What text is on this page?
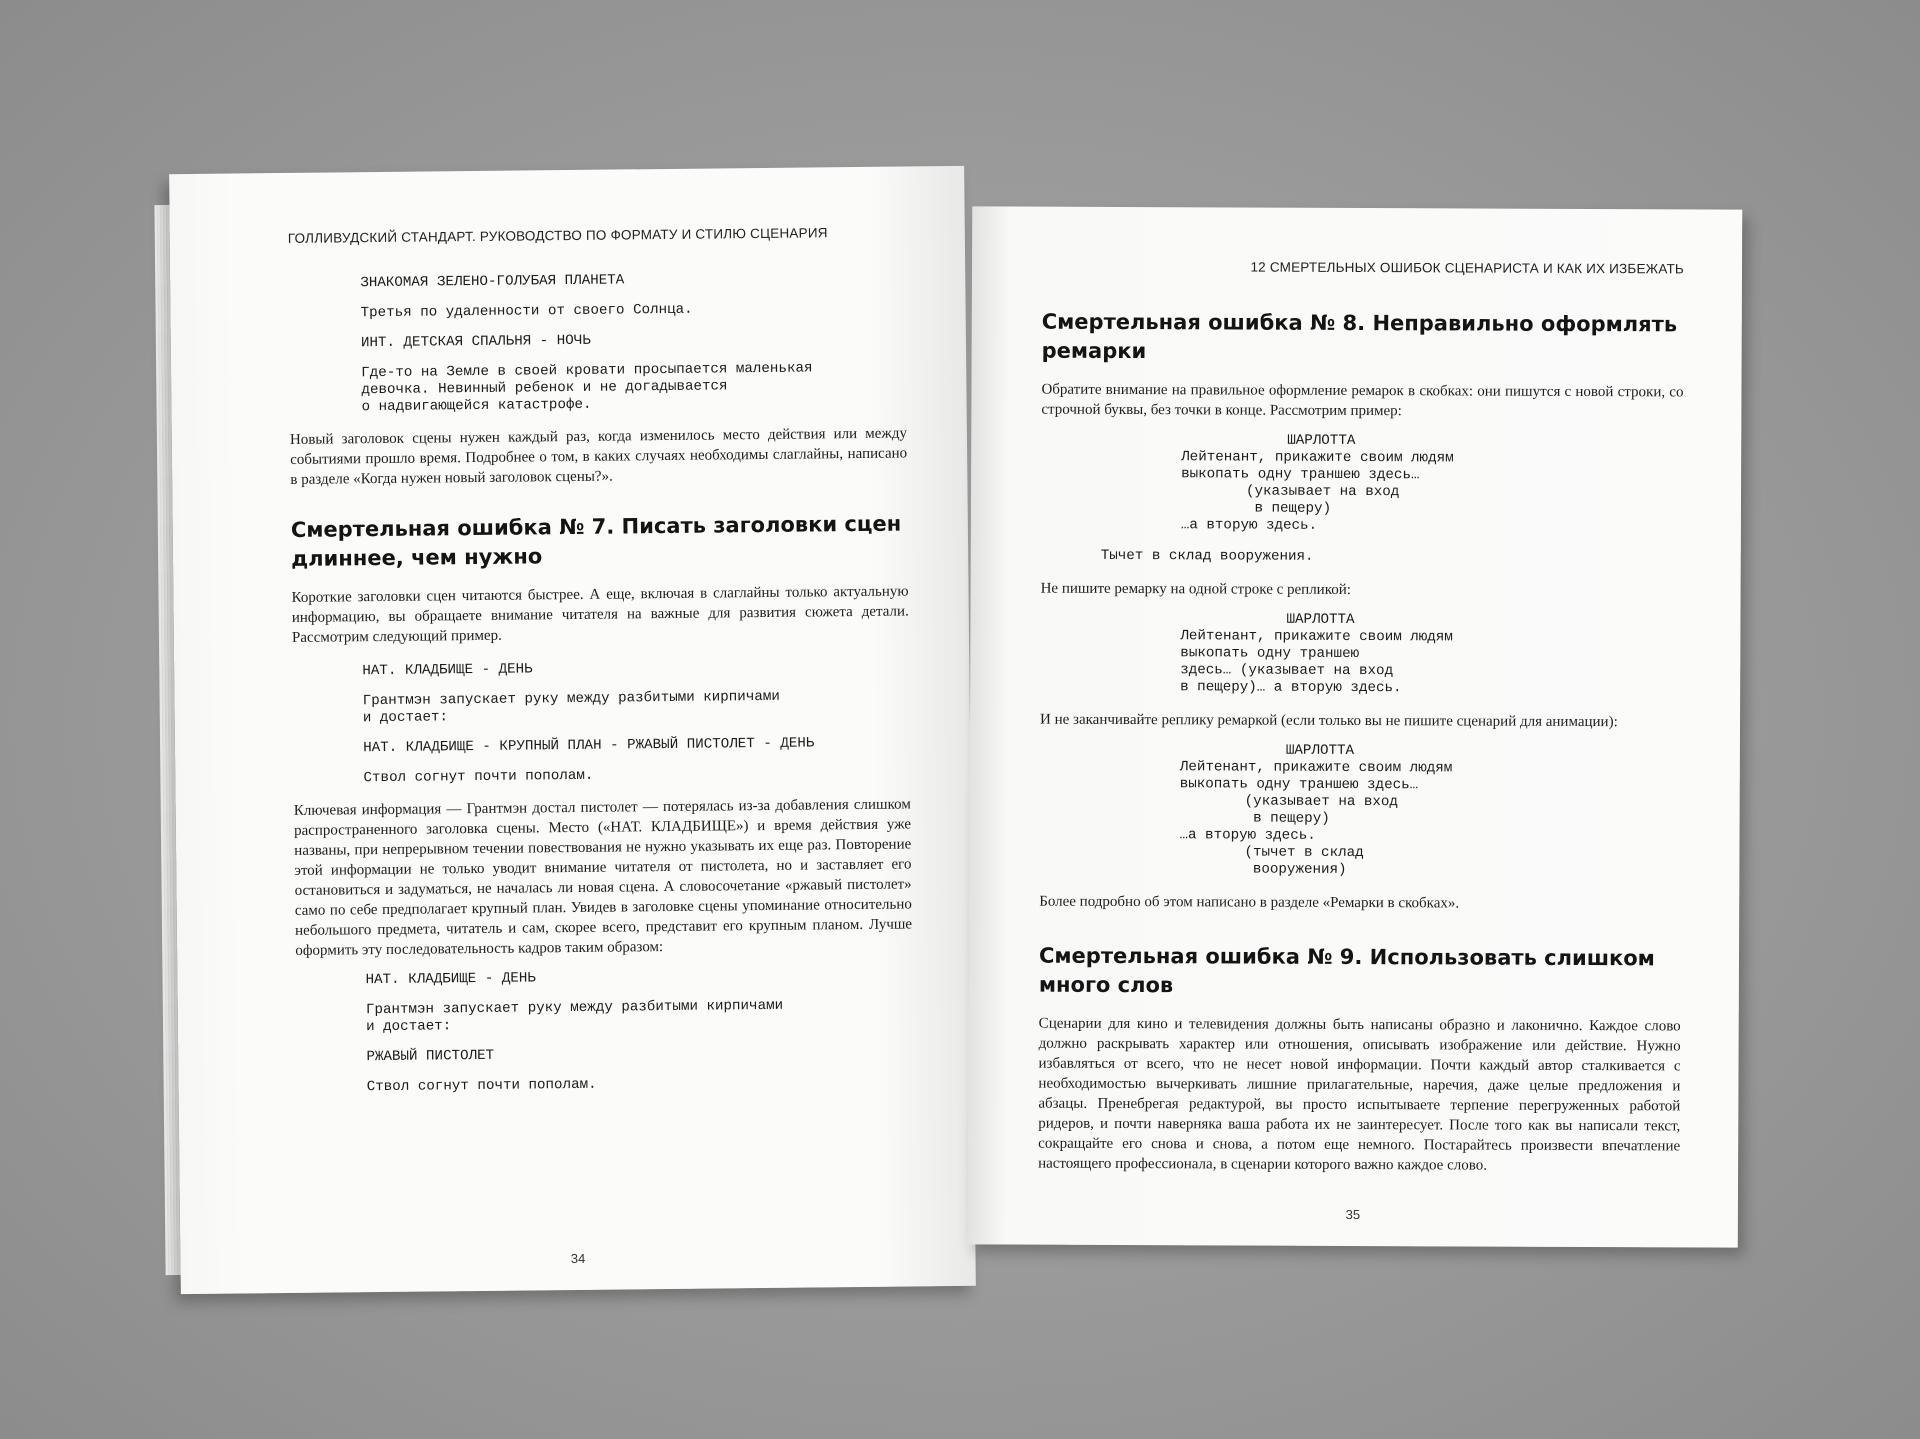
ГОЛЛИВУДСКИЙ СТАНДАРТ. РУКОВОДСТВО ПО ФОРМАТУ И СТИЛЮ СЦЕНАРИЯ
ЗНАКОМАЯ ЗЕЛЕНО-ГОЛУБАЯ ПЛАНЕТА
Третья по удаленности от своего Солнца.
ИНТ. ДЕТСКАЯ СПАЛЬНЯ - НОЧЬ
Где-то на Земле в своей кровати просыпается маленькая
девочка. Невинный ребенок и не догадывается
о надвигающейся катастрофе.

Новый заголовок сцены нужен каждый раз, когда изменилось место действия или между событиями прошло время. Подробнее о том, в каких случаях необходимы слаглайны, написано в разделе «Когда нужен новый заголовок сцены?».

Смертельная ошибка № 7. Писать заголовки сцен длиннее, чем нужно

Короткие заголовки сцен читаются быстрее. А еще, включая в слаглайны только актуальную информацию, вы обращаете внимание читателя на важные для развития сюжета детали. Рассмотрим следующий пример.

НАТ. КЛАДБИЩЕ - ДЕНЬ
Грантмэн запускает руку между разбитыми кирпичами
и достает:
НАТ. КЛАДБИЩЕ - КРУПНЫЙ ПЛАН - РЖАВЫЙ ПИСТОЛЕТ - ДЕНЬ
Ствол согнут почти пополам.

Ключевая информация — Грантмэн достал пистолет — потерялась из-за добавления слишком распространенного заголовка сцены. Место («НАТ. КЛАДБИЩЕ») и время действия уже названы, при непрерывном течении повествования не нужно указывать их еще раз. Повторение этой информации не только уводит внимание читателя от пистолета, но и заставляет его остановиться и задуматься, не началась ли новая сцена. А словосочетание «ржавый пистолет» само по себе предполагает крупный план. Увидев в заголовке сцены упоминание относительно небольшого предмета, читатель и сам, скорее всего, представит его крупным планом. Лучше оформить эту последовательность кадров таким образом:

НАТ. КЛАДБИЩЕ - ДЕНЬ
Грантмэн запускает руку между разбитыми кирпичами
и достает:
РЖАВЫЙ ПИСТОЛЕТ
Ствол согнут почти пополам.
34
12 СМЕРТЕЛЬНЫХ ОШИБОК СЦЕНАРИСТА И КАК ИХ ИЗБЕЖАТЬ
Смертельная ошибка № 8. Неправильно оформлять ремарки

Обратите внимание на правильное оформление ремарок в скобках: они пишутся с новой строки, со строчной буквы, без точки в конце. Рассмотрим пример:

ШАРЛОТТА
Лейтенант, прикажите своим людям
выкопать одну траншею здесь…
(указывает на вход
в пещеру)
…а вторую здесь.
Тычет в склад вооружения.

Не пишите ремарку на одной строке с репликой:

ШАРЛОТТА
Лейтенант, прикажите своим людям
выкопать одну траншею
здесь… (указывает на вход
в пещеру)… а вторую здесь.

И не заканчивайте реплику ремаркой (если только вы не пишите сценарий для анимации):

ШАРЛОТТА
Лейтенант, прикажите своим людям
выкопать одну траншею здесь…
(указывает на вход
в пещеру)
…а вторую здесь.
(тычет в склад
вооружения)

Более подробно об этом написано в разделе «Ремарки в скобках».

Смертельная ошибка № 9. Использовать слишком много слов

Сценарии для кино и телевидения должны быть написаны образно и лаконично. Каждое слово должно раскрывать характер или отношения, описывать изображение или действие. Нужно избавляться от всего, что не несет новой информации. Почти каждый автор сталкивается с необходимостью вычеркивать лишние прилагательные, наречия, даже целые предложения и абзацы. Пренебрегая редактурой, вы просто испытываете терпение перегруженных работой ридеров, и почти наверняка ваша работа их не заинтересует. После того как вы написали текст, сокращайте его снова и снова, а потом еще немного. Постарайтесь произвести впечатление настоящего профессионала, в сценарии которого важно каждое слово.

35
